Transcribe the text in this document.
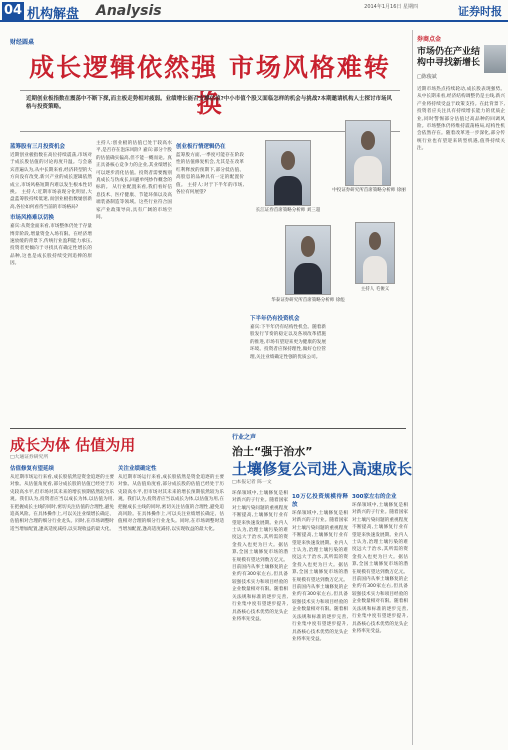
04 机构解盘 Analysis	2014年1月16日 星期四	证券时报
财经圆桌
成长逻辑依然强 市场风格难转换
近期创业板指数在震荡中不断下探,而主板走势相对疲弱。业绩增长能否支撑估值?中小市值个股又面临怎样的机会与挑战?本期邀请机构人士探讨市场风格与投资策略。
蓝筹股有三月投资机会
近期创业板指数在高位持续震荡,市场对于成长股估值的讨论再度升温。与会嘉宾普遍认为,从中长期来看,经济转型的大方向没有改变,新兴产业的成长逻辑依然成立,市场风格短期内难以发生根本性切换。 主持人:近期市场表现分化明显,大盘蓝筹股持续低迷,而创业板指数屡创新高,各位如何看待当前的市场格局?
市场风格难以切换
嘉宾:从资金面来看,市场整体仍处于存量博弈阶段,增量资金入场有限。在经济增速放缓的背景下,传统行业盈利能力承压,投资者更倾向于寻找具有确定性增长的品种,这也是成长股持续受到追捧的原因。
主持人:创业板的估值已处于较高水平,是否存在泡沫风险? 嘉宾:部分个股的估值确实偏高,但不能一概而论。真正具备核心竞争力的企业,其业绩增长可以逐步消化估值。投资者需要甄别真成长与伪成长,回避单纯炒作概念的标的。 从行业配置来看,我们看好信息技术、医疗健康、节能环保以及高端装备制造等领域。这些行业符合国家产业政策导向,具有广阔的市场空间。
创业板行情逻辑仍在
蓝筹股方面,一季度可能存在阶段性的估值修复机会,尤其是在改革红利释放的预期下,部分低估值、高股息的品种具有一定的配置价值。 主持人:对于下半年的市场,各位有何展望?
长江证券首席策略分析师 刘三超
中投证券研究所首席策略分析师 徐丽
华泰证券研究所首席策略分析师 徐彪
主持人 毛俊义
下半年仍有投资机会
嘉宾:下半年仍有结构性机会。随着新股发行节奏的稳定以及各项改革措施的推进,市场有望迎来更为健康的发展环境。投资者应保持理性,做好仓位管理,关注业绩确定性强的优质公司。
券商点金
市场仍在产业结构中寻找新增长
□陈俊斌
近期市场热点持续轮动,成长股表现强势。从中长期来看,经济结构调整仍是主线,新兴产业将持续受益于政策支持。在此背景下,投资者应关注具有持续增长能力的优质企业,同时警惕部分估值过高品种的回调风险。市场整体仍将维持震荡格局,结构性机会依然存在。随着改革进一步深化,部分传统行业也有望迎来转型机遇,值得持续关注。
成长为体 估值为用
□大通证券研究所
估值修复有望延续
从近期市场运行来看,成长股依然是资金追逐的主要对象。从估值角度看,部分成长股的估值已经处于历史较高水平,但市场对其未来的增长预期依然较为乐观。我们认为,投资者应当以成长为体,以估值为用,在把握成长主线的同时,密切关注估值的合理性,避免追高风险。在具体操作上,可以关注业绩增长确定、估值相对合理的细分行业龙头。同时,在市场调整时适当增加配置,逢高适度减持,以实现收益的最大化。
关注业绩确定性
从近期市场运行来看,成长股依然是资金追逐的主要对象。从估值角度看,部分成长股的估值已经处于历史较高水平,但市场对其未来的增长预期依然较为乐观。我们认为,投资者应当以成长为体,以估值为用,在把握成长主线的同时,密切关注估值的合理性,避免追高风险。在具体操作上,可以关注业绩增长确定、估值相对合理的细分行业龙头。同时,在市场调整时适当增加配置,逢高适度减持,以实现收益的最大化。
行业之声
治土“强于治水”
土壤修复公司进入高速成长
□本报记者 陈一文
环保领域中,土壤修复是相对新兴的子行业。随着国家对土壤污染问题的重视程度不断提高,土壤修复行业有望迎来快速发展期。业内人士认为,治理土壤污染的难度远大于治水,其所需的资金投入也更为巨大。据估算,全国土壤修复市场的潜在规模有望达到数万亿元。目前国内从事土壤修复的企业约有300家左右,但具备较强技术实力和项目经验的企业数量相对有限。随着相关法规和标准的逐步完善,行业集中度有望逐步提升,具备核心技术优势的龙头企业将率先受益。
10万亿投资规模待释放
环保领域中,土壤修复是相对新兴的子行业。随着国家对土壤污染问题的重视程度不断提高,土壤修复行业有望迎来快速发展期。业内人士认为,治理土壤污染的难度远大于治水,其所需的资金投入也更为巨大。据估算,全国土壤修复市场的潜在规模有望达到数万亿元。目前国内从事土壤修复的企业约有300家左右,但具备较强技术实力和项目经验的企业数量相对有限。随着相关法规和标准的逐步完善,行业集中度有望逐步提升,具备核心技术优势的龙头企业将率先受益。
300家左右的企业
环保领域中,土壤修复是相对新兴的子行业。随着国家对土壤污染问题的重视程度不断提高,土壤修复行业有望迎来快速发展期。业内人士认为,治理土壤污染的难度远大于治水,其所需的资金投入也更为巨大。据估算,全国土壤修复市场的潜在规模有望达到数万亿元。目前国内从事土壤修复的企业约有300家左右,但具备较强技术实力和项目经验的企业数量相对有限。随着相关法规和标准的逐步完善,行业集中度有望逐步提升,具备核心技术优势的龙头企业将率先受益。
